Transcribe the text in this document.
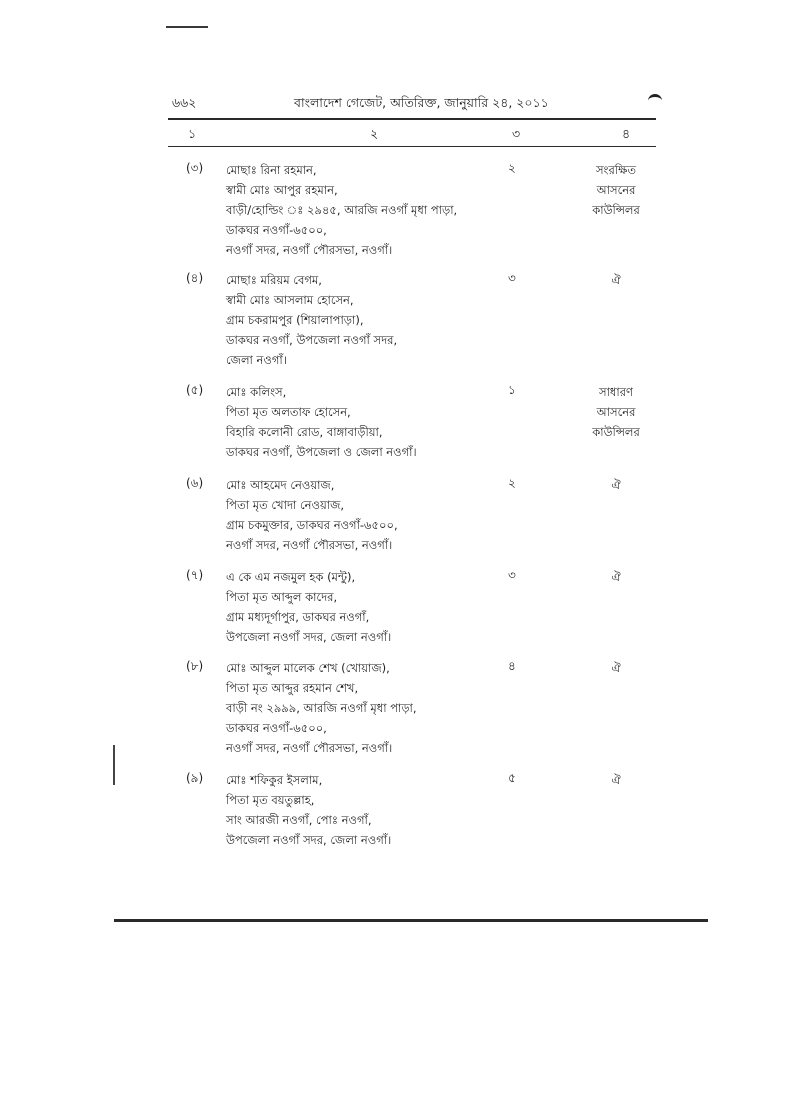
৬৬২	বাংলাদেশ গেজেট, অতিরিক্ত, জানুয়ারি ২৪, ২০১১
১	২	৩	৪
(৩) মোছাঃ রিনা রহমান,
স্বামী মোঃ আপুর রহমান,
বাড়ী/হোল্ডিং ঃ ২৯৪৫, আরজি নওগাঁ মৃধা পাড়া,
ডাকঘর নওগাঁ-৬৫০০,
নওগাঁ সদর, নওগাঁ পৌরসভা, নওগাঁ।
২	সংরক্ষিত
আসনের
কাউন্সিলর
(৪) মোছাঃ মরিয়ম বেগম,
স্বামী মোঃ আসলাম হোসেন,
গ্রাম চকরামপুর (শিয়ালাপাড়া),
ডাকঘর নওগাঁ, উপজেলা নওগাঁ সদর,
জেলা নওগাঁ।
৩	ঐ
(৫) মোঃ কলিংস,
পিতা মৃত অলতাফ হোসেন,
বিহারি কলোনী রোড, বাঙ্গাবাড়ীয়া,
ডাকঘর নওগাঁ, উপজেলা ও জেলা নওগাঁ।
১	সাধারণ
আসনের
কাউন্সিলর
(৬) মোঃ আহমেদ নেওয়াজ,
পিতা মৃত খোদা নেওয়াজ,
গ্রাম চকমুক্তার, ডাকঘর নওগাঁ-৬৫০০,
নওগাঁ সদর, নওগাঁ পৌরসভা, নওগাঁ।
২	ঐ
(৭) এ কে এম নজমুল হক (মন্টু),
পিতা মৃত আব্দুল কাদের,
গ্রাম মধ্যদূর্গাপুর, ডাকঘর নওগাঁ,
উপজেলা নওগাঁ সদর, জেলা নওগাঁ।
৩	ঐ
(৮) মোঃ আব্দুল মালেক শেখ (খোয়াজ),
পিতা মৃত আব্দুর রহমান শেখ,
বাড়ী নং ২৯৯৯, আরজি নওগাঁ মৃধা পাড়া,
ডাকঘর নওগাঁ-৬৫০০,
নওগাঁ সদর, নওগাঁ পৌরসভা, নওগাঁ।
৪	ঐ
(৯) মোঃ শফিকুর ইসলাম,
পিতা মৃত বয়তুল্লাহ,
সাং আরজী নওগাঁ, পোঃ নওগাঁ,
উপজেলা নওগাঁ সদর, জেলা নওগাঁ।
৫	ঐ
